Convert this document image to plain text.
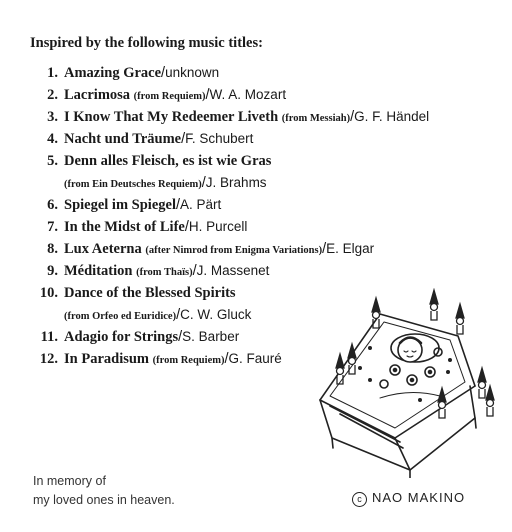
Inspired by the following music titles:
1. Amazing Grace/unknown
2. Lacrimosa (from Requiem)/W. A. Mozart
3. I Know That My Redeemer Liveth (from Messiah)/G. F. Händel
4. Nacht und Träume/F. Schubert
5. Denn alles Fleisch, es ist wie Gras
(from Ein Deutsches Requiem)/J. Brahms
6. Spiegel im Spiegel/A. Pärt
7. In the Midst of Life/H. Purcell
8. Lux Aeterna (after Nimrod from Enigma Variations)/E. Elgar
9. Méditation (from Thaïs)/J. Massenet
10. Dance of the Blessed Spirits
(from Orfeo ed Euridice)/C. W. Gluck
11. Adagio for Strings/S. Barber
12. In Paradisum (from Requiem)/G. Fauré
In memory of
my loved ones in heaven.	c NAO MAKINO
